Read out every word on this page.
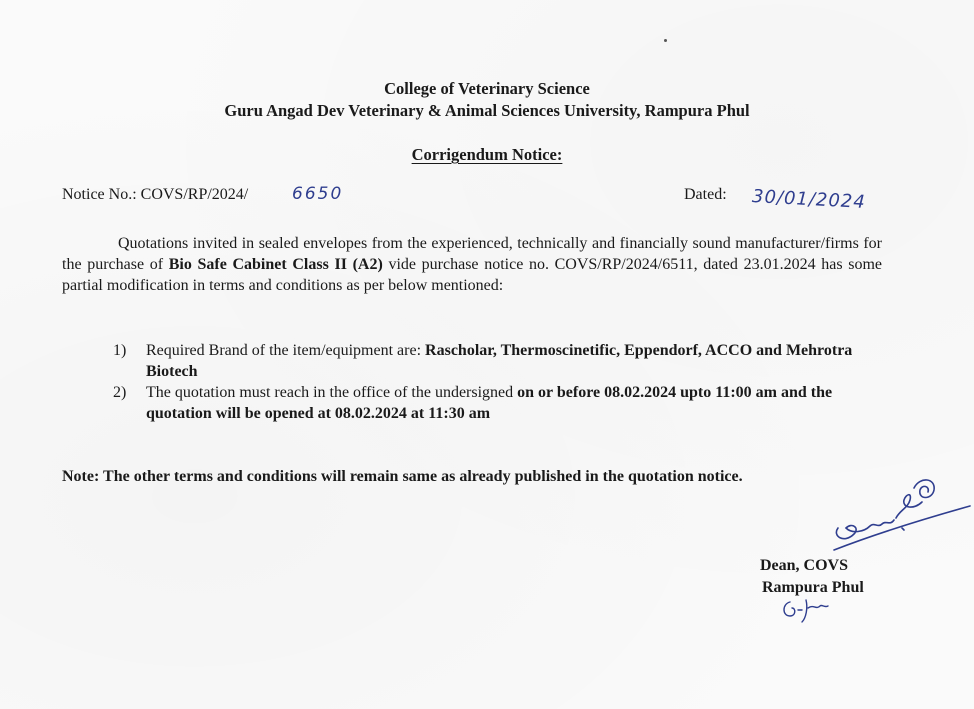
College of Veterinary Science
Guru Angad Dev Veterinary & Animal Sciences University, Rampura Phul
Corrigendum Notice:
Notice No.: COVS/RP/2024/	6650	Dated: 30/01/2024
Quotations invited in sealed envelopes from the experienced, technically and financially sound manufacturer/firms for the purchase of Bio Safe Cabinet Class II (A2) vide purchase notice no. COVS/RP/2024/6511, dated 23.01.2024 has some partial modification in terms and conditions as per below mentioned:
1) Required Brand of the item/equipment are: Rascholar, Thermoscinetific, Eppendorf, ACCO and Mehrotra Biotech
2) The quotation must reach in the office of the undersigned on or before 08.02.2024 upto 11:00 am and the quotation will be opened at 08.02.2024 at 11:30 am
Note: The other terms and conditions will remain same as already published in the quotation notice.
Dean, COVS
Rampura Phul
